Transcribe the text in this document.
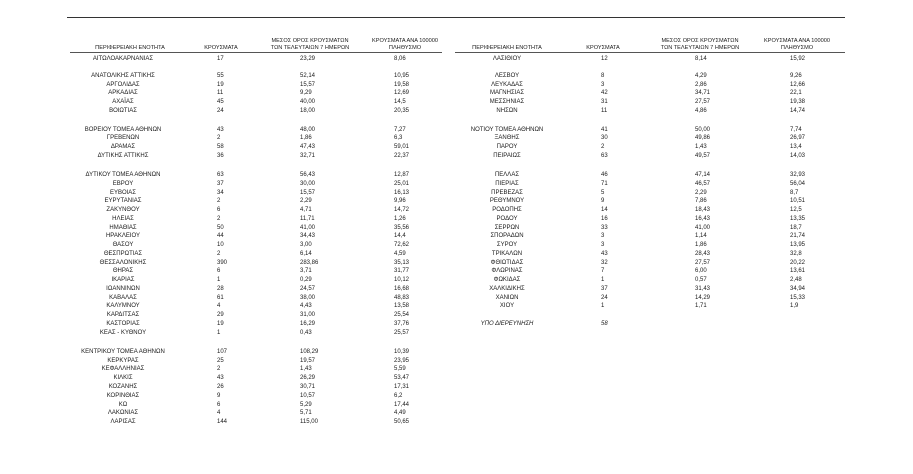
ΠΕΡΙΦΕΡΕΙΑΚΗ ΕΝΟΤΗΤΑ	ΚΡΟΥΣΜΑΤΑ
ΜΕΣΟΣ ΟΡΟΣ ΚΡΟΥΣΜΑΤΩΝ
ΤΩΝ ΤΕΛΕΥΤΑΙΩΝ 7 ΗΜΕΡΩΝ
ΚΡΟΥΣΜΑΤΑ ΑΝΑ 100000
ΠΛΗΘΥΣΜΟ	ΠΕΡΙΦΕΡΕΙΑΚΗ ΕΝΟΤΗΤΑ	ΚΡΟΥΣΜΑΤΑ
ΜΕΣΟΣ ΟΡΟΣ ΚΡΟΥΣΜΑΤΩΝ
ΤΩΝ ΤΕΛΕΥΤΑΙΩΝ 7 ΗΜΕΡΩΝ
ΚΡΟΥΣΜΑΤΑ ΑΝΑ 100000
ΠΛΗΘΥΣΜΟ
ΑΙΤΩΛΟΑΚΑΡΝΑΝΙΑΣ	17	23,29	8,06
ΑΝΑΤΟΛΙΚΗΣ ΑΤΤΙΚΗΣ	55	52,14	10,95
ΑΡΓΟΛΙΔΑΣ	19	15,57	19,58
ΑΡΚΑΔΙΑΣ	11	9,29	12,69
ΑΧΑΪΑΣ	45	40,00	14,5
ΒΟΙΩΤΙΑΣ	24	18,00	20,35
ΒΟΡΕΙΟΥ ΤΟΜΕΑ ΑΘΗΝΩΝ	43	48,00	7,27
ΓΡΕΒΕΝΩΝ	2	1,86	6,3
ΔΡΑΜΑΣ	58	47,43	59,01
ΔΥΤΙΚΗΣ ΑΤΤΙΚΗΣ	36	32,71	22,37
ΔΥΤΙΚΟΥ ΤΟΜΕΑ ΑΘΗΝΩΝ	63	56,43	12,87
ΕΒΡΟΥ	37	30,00	25,01
ΕΥΒΟΙΑΣ	34	15,57	16,13
ΕΥΡΥΤΑΝΙΑΣ	2	2,29	9,96
ΖΑΚΥΝΘΟΥ	6	4,71	14,72
ΗΛΕΙΑΣ	2	11,71	1,26
ΗΜΑΘΙΑΣ	50	41,00	35,56
ΗΡΑΚΛΕΙΟΥ	44	34,43	14,4
ΘΑΣΟΥ	10	3,00	72,62
ΘΕΣΠΡΩΤΙΑΣ	2	6,14	4,59
ΘΕΣΣΑΛΟΝΙΚΗΣ	390	283,86	35,13
ΘΗΡΑΣ	6	3,71	31,77
ΙΚΑΡΙΑΣ	1	0,29	10,12
ΙΩΑΝΝΙΝΩΝ	28	24,57	16,68
ΚΑΒΑΛΑΣ	61	38,00	48,83
ΚΑΛΥΜΝΟΥ	4	4,43	13,58
ΚΑΡΔΙΤΣΑΣ	29	31,00	25,54
ΚΑΣΤΟΡΙΑΣ	19	16,29	37,76
ΚΕΑΣ - ΚΥΘΝΟΥ	1	0,43	25,57
ΚΕΝΤΡΙΚΟΥ ΤΟΜΕΑ ΑΘΗΝΩΝ	107	108,29	10,39
ΚΕΡΚΥΡΑΣ	25	19,57	23,95
ΚΕΦΑΛΛΗΝΙΑΣ	2	1,43	5,59
ΚΙΛΚΙΣ	43	26,29	53,47
ΚΟΖΑΝΗΣ	26	30,71	17,31
ΚΟΡΙΝΘΙΑΣ	9	10,57	6,2
ΚΩ	6	5,29	17,44
ΛΑΚΩΝΙΑΣ	4	5,71	4,49
ΛΑΡΙΣΑΣ	144	115,00	50,65
ΛΑΣΙΘΙΟΥ	12	8,14	15,92
ΛΕΣΒΟΥ	8	4,29	9,26
ΛΕΥΚΑΔΑΣ	3	2,86	12,66
ΜΑΓΝΗΣΙΑΣ	42	34,71	22,1
ΜΕΣΣΗΝΙΑΣ	31	27,57	19,38
ΝΗΣΩΝ	11	4,86	14,74
ΝΟΤΙΟΥ ΤΟΜΕΑ ΑΘΗΝΩΝ	41	50,00	7,74
ΞΑΝΘΗΣ	30	49,86	26,97
ΠΑΡΟΥ	2	1,43	13,4
ΠΕΙΡΑΙΩΣ	63	49,57	14,03
ΠΕΛΛΑΣ	46	47,14	32,93
ΠΙΕΡΙΑΣ	71	46,57	56,04
ΠΡΕΒΕΖΑΣ	5	2,29	8,7
ΡΕΘΥΜΝΟΥ	9	7,86	10,51
ΡΟΔΟΠΗΣ	14	18,43	12,5
ΡΟΔΟΥ	16	16,43	13,35
ΣΕΡΡΩΝ	33	41,00	18,7
ΣΠΟΡΑΔΩΝ	3	1,14	21,74
ΣΥΡΟΥ	3	1,86	13,95
ΤΡΙΚΑΛΩΝ	43	28,43	32,8
ΦΘΙΩΤΙΔΑΣ	32	27,57	20,22
ΦΛΩΡΙΝΑΣ	7	6,00	13,61
ΦΩΚΙΔΑΣ	1	0,57	2,48
ΧΑΛΚΙΔΙΚΗΣ	37	31,43	34,94
ΧΑΝΙΩΝ	24	14,29	15,33
ΧΙΟΥ	1	1,71	1,9
ΥΠΟ ΔΙΕΡΕΥΝΗΣΗ	58
